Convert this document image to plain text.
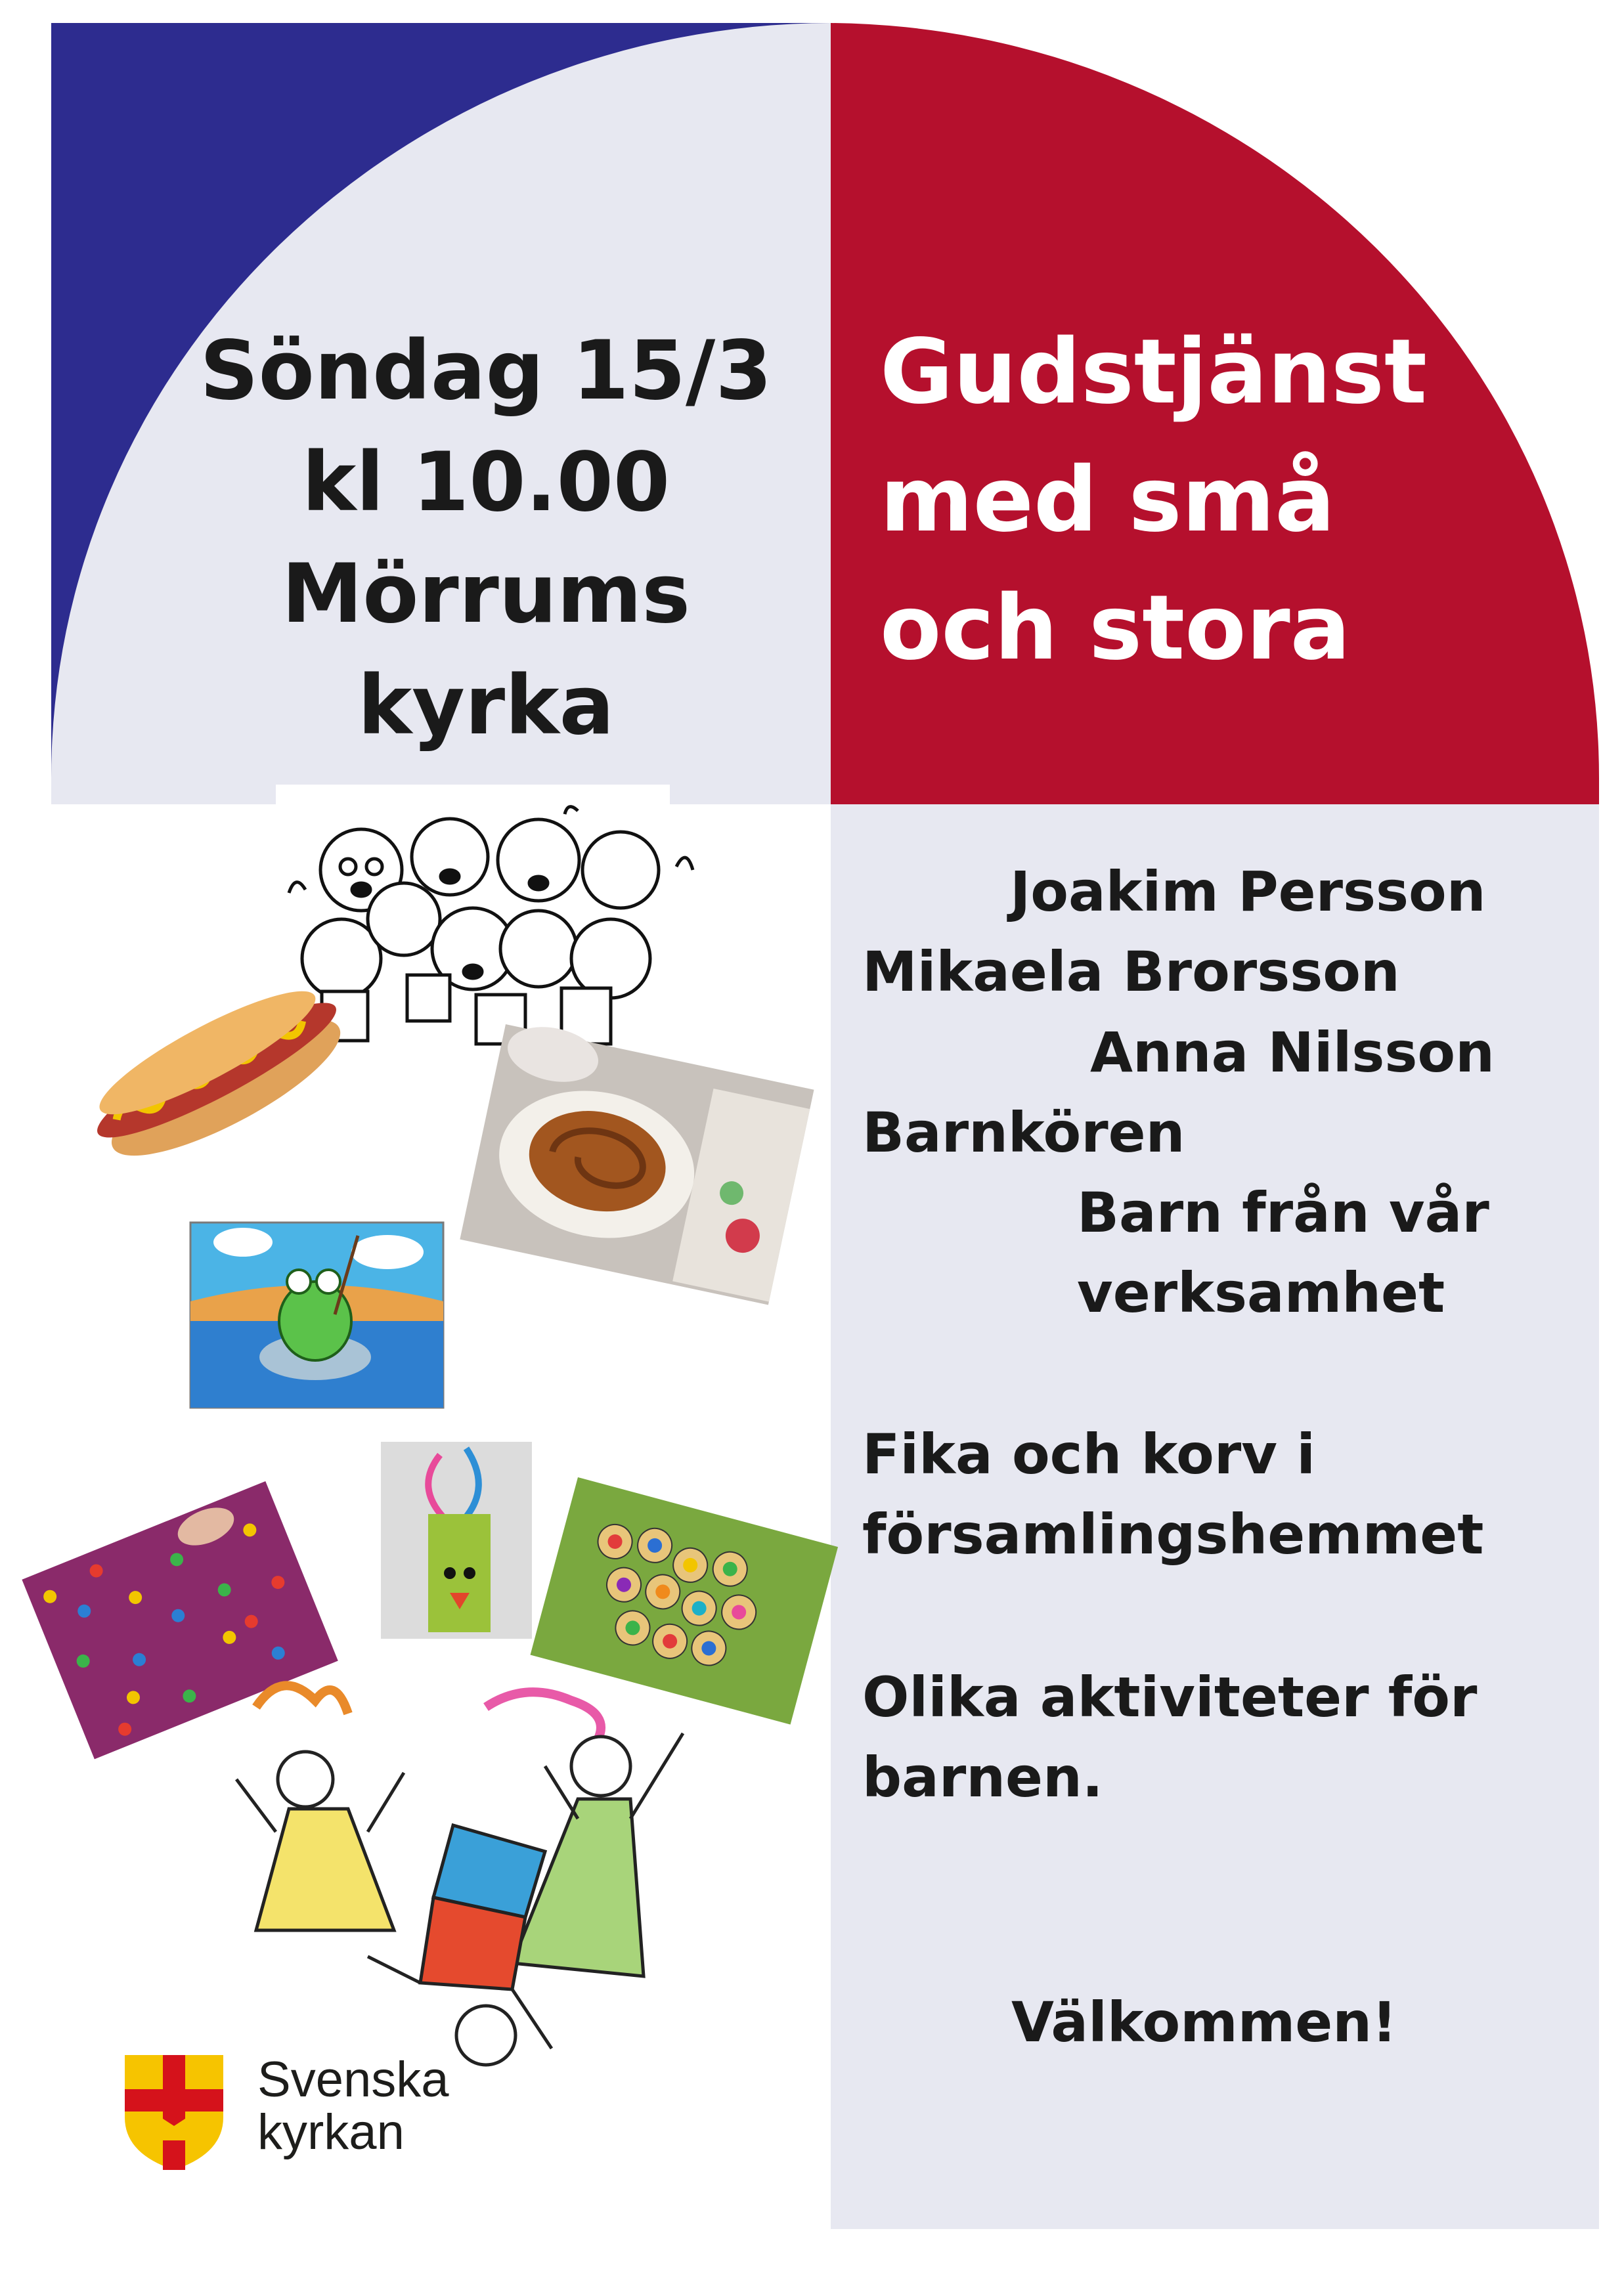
Söndag 15/3
kl 10.00
Mörrums
kyrka
Gudstjänst
med små
och stora
Joakim Persson
Mikaela Brorsson
Anna Nilsson
Barnkören
Barn från vår
verksamhet
Fika och korv i
församlingshemmet
Olika aktiviteter för
barnen.
Välkommen!
Svenska
kyrkan
